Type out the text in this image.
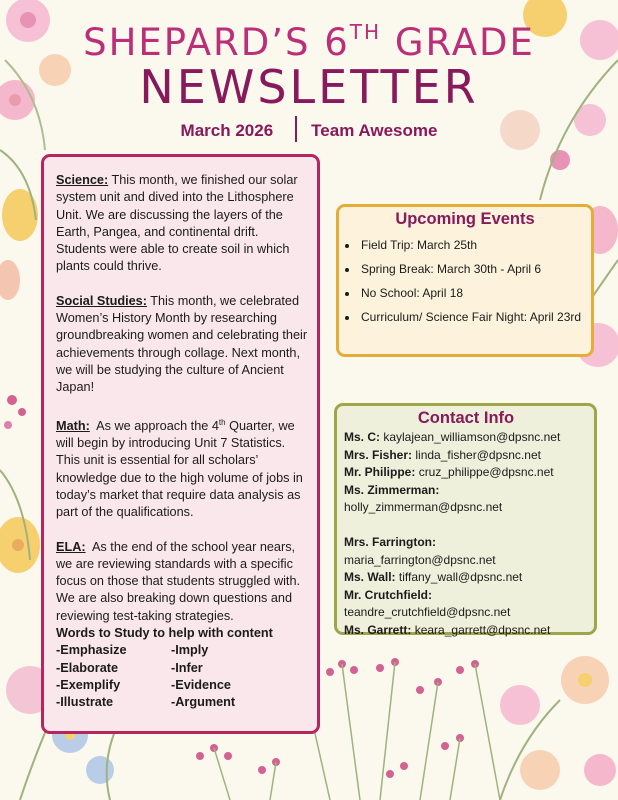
SHEPARD’S 6TH GRADE
NEWSLETTER
March 2026 Team Awesome

Science: This month, we finished our solar system unit and dived into the Lithosphere Unit. We are discussing the layers of the Earth, Pangea, and continental drift. Students were able to create soil in which plants could thrive.

Social Studies: This month, we celebrated Women’s History Month by researching groundbreaking women and celebrating their achievements through collage. Next month, we will be studying the culture of Ancient Japan!

Math:  As we approach the 4th Quarter, we will begin by introducing Unit 7 Statistics. This unit is essential for all scholars’ knowledge due to the high volume of jobs in today’s market that require data analysis as part of the qualifications.

ELA:  As the end of the school year nears, we are reviewing standards with a specific focus on those that students struggled with. We are also breaking down questions and reviewing test-taking strategies.

Words to Study to help with content
-Emphasize	-Imply
-Elaborate	-Infer
-Exemplify	-Evidence
-Illustrate	-Argument
Upcoming Events
• Field Trip: March 25th
• Spring Break: March 30th - April 6
• No School: April 18
• Curriculum/ Science Fair Night: April 23rd
Contact Info
Ms. C: kaylajean_williamson@dpsnc.net
Mrs. Fisher: linda_fisher@dpsnc.net
Mr. Philippe: cruz_philippe@dpsnc.net
Ms. Zimmerman:
holly_zimmerman@dpsnc.net
Mrs. Farrington:
maria_farrington@dpsnc.net
Ms. Wall: tiffany_wall@dpsnc.net
Mr. Crutchfield:
teandre_crutchfield@dpsnc.net
Ms. Garrett: keara_garrett@dpsnc.net
